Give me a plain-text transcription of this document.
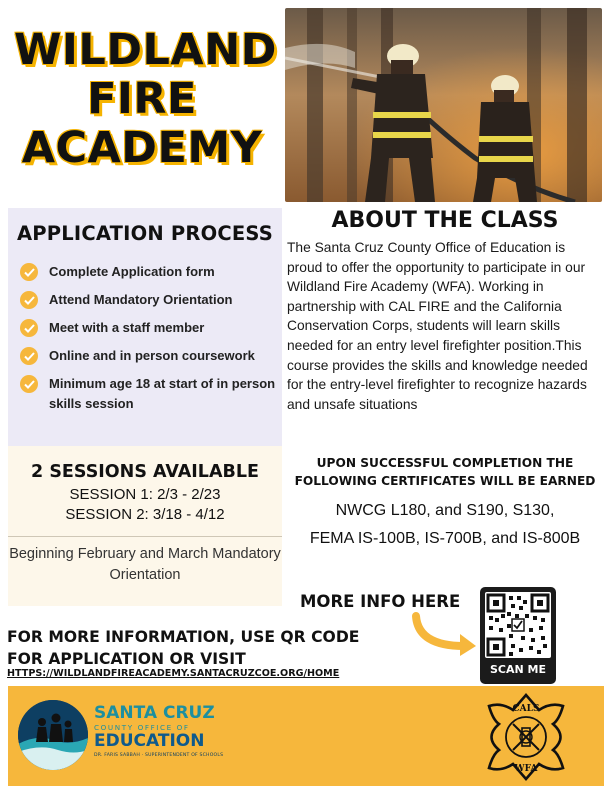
WILDLAND
FIRE
ACADEMY
APPLICATION PROCESS
Complete Application form
Attend Mandatory Orientation
Meet with a staff member
Online and in person coursework
Minimum age 18 at start of in person skills session
2 SESSIONS AVAILABLE
SESSION 1: 2/3 - 2/23
SESSION 2: 3/18 - 4/12
Beginning February and March Mandatory Orientation
ABOUT THE CLASS
The Santa Cruz County Office of Education is proud to offer the opportunity to participate in our Wildland Fire Academy (WFA). Working in partnership with CAL FIRE and the California Conservation Corps, students will learn skills needed for an entry level firefighter position.This course provides the skills and knowledge needed for the entry-level firefighter to recognize hazards and unsafe situations
UPON SUCCESSFUL COMPLETION THE
FOLLOWING CERTIFICATES WILL BE EARNED
NWCG L180, and S190, S130,
FEMA IS-100B, IS-700B, and IS-800B
MORE INFO HERE
SCAN ME
FOR MORE INFORMATION, USE QR CODE
FOR APPLICATION OR VISIT
HTTPS://WILDLANDFIREACADEMY.SANTACRUZCOE.ORG/HOME
SANTA CRUZ
COUNTY OFFICE OF
EDUCATION
DR. FARIS SABBAH · SUPERINTENDENT OF SCHOOLS
CALS
WFA
